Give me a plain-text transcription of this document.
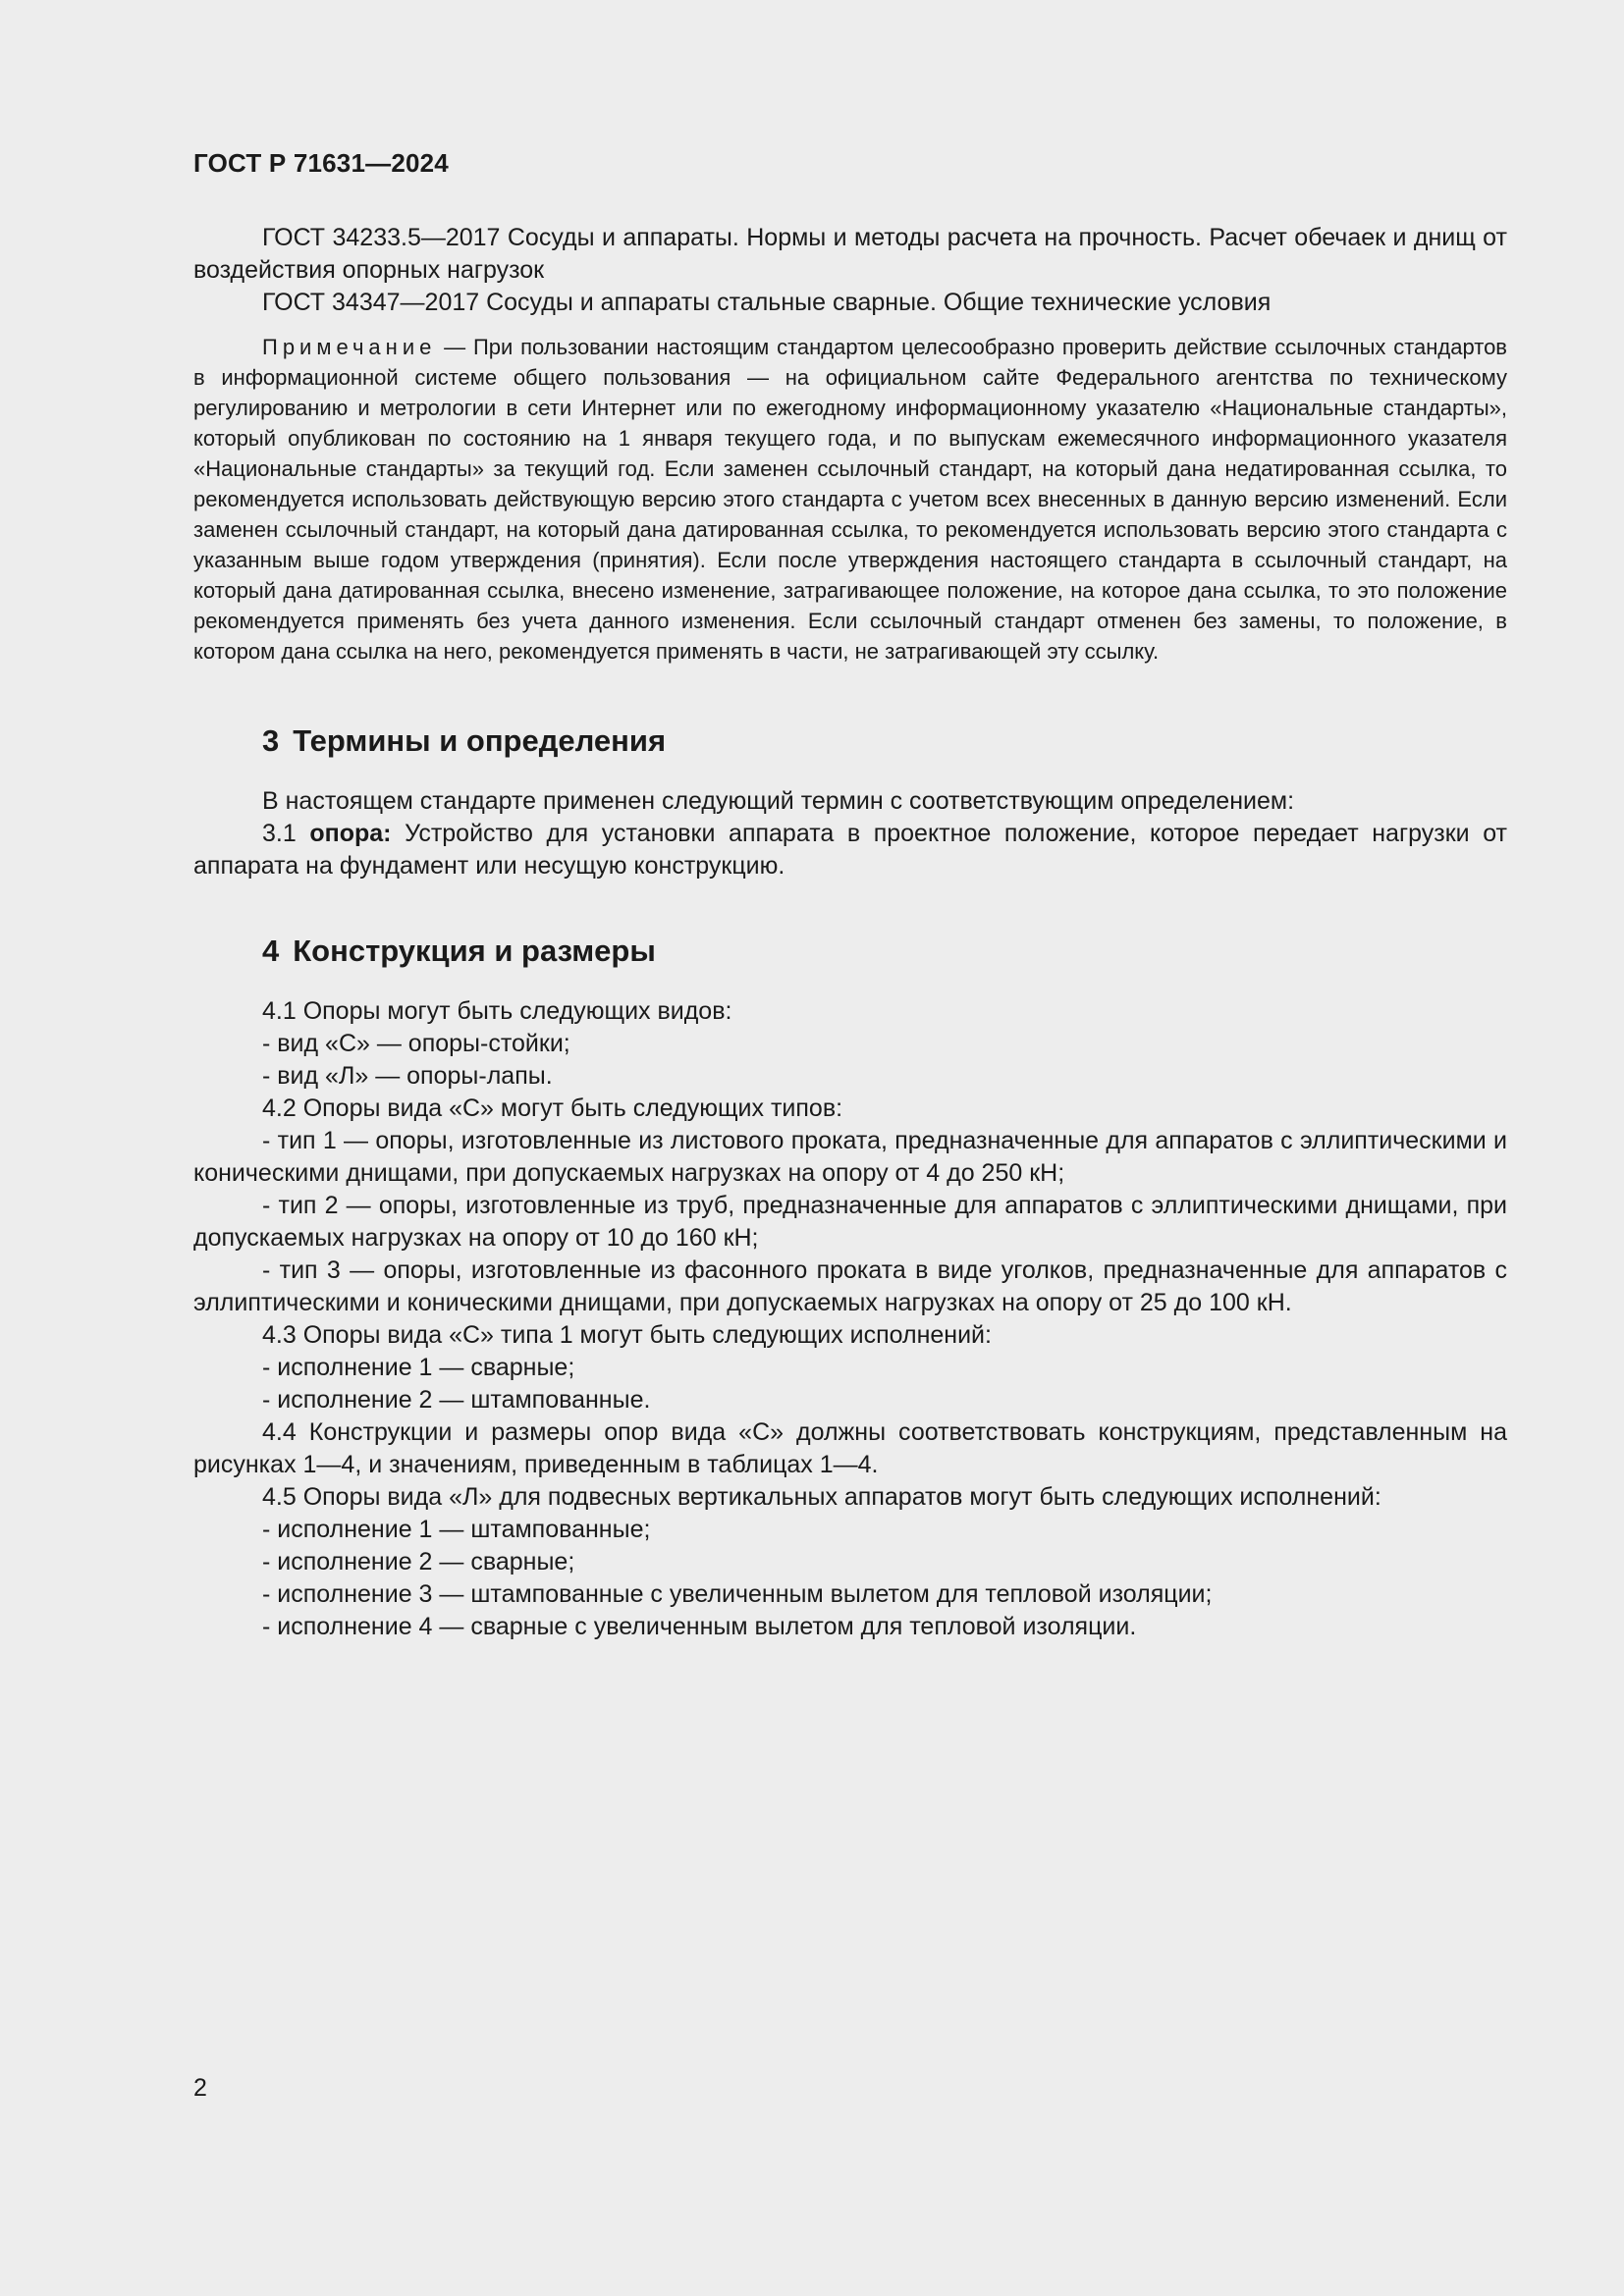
ГОСТ Р 71631—2024

ГОСТ 34233.5—2017 Сосуды и аппараты. Нормы и методы расчета на прочность. Расчет обечаек и днищ от воздействия опорных нагрузок

ГОСТ 34347—2017 Сосуды и аппараты стальные сварные. Общие технические условия

Примечание — При пользовании настоящим стандартом целесообразно проверить действие ссылочных стандартов в информационной системе общего пользования — на официальном сайте Федерального агентства по техническому регулированию и метрологии в сети Интернет или по ежегодному информационному указателю «Национальные стандарты», который опубликован по состоянию на 1 января текущего года, и по выпускам ежемесячного информационного указателя «Национальные стандарты» за текущий год. Если заменен ссылочный стандарт, на который дана недатированная ссылка, то рекомендуется использовать действующую версию этого стандарта с учетом всех внесенных в данную версию изменений. Если заменен ссылочный стандарт, на который дана датированная ссылка, то рекомендуется использовать версию этого стандарта с указанным выше годом утверждения (принятия). Если после утверждения настоящего стандарта в ссылочный стандарт, на который дана датированная ссылка, внесено изменение, затрагивающее положение, на которое дана ссылка, то это положение рекомендуется применять без учета данного изменения. Если ссылочный стандарт отменен без замены, то положение, в котором дана ссылка на него, рекомендуется применять в части, не затрагивающей эту ссылку.

3 Термины и определения

В настоящем стандарте применен следующий термин с соответствующим определением:

3.1 опора: Устройство для установки аппарата в проектное положение, которое передает нагрузки от аппарата на фундамент или несущую конструкцию.

4 Конструкция и размеры

4.1 Опоры могут быть следующих видов:

- вид «С» — опоры-стойки;

- вид «Л» — опоры-лапы.

4.2 Опоры вида «С» могут быть следующих типов:

- тип 1 — опоры, изготовленные из листового проката, предназначенные для аппаратов с эллиптическими и коническими днищами, при допускаемых нагрузках на опору от 4 до 250 кН;

- тип 2 — опоры, изготовленные из труб, предназначенные для аппаратов с эллиптическими днищами, при допускаемых нагрузках на опору от 10 до 160 кН;

- тип 3 — опоры, изготовленные из фасонного проката в виде уголков, предназначенные для аппаратов с эллиптическими и коническими днищами, при допускаемых нагрузках на опору от 25 до 100 кН.

4.3 Опоры вида «С» типа 1 могут быть следующих исполнений:

- исполнение 1 — сварные;

- исполнение 2 — штампованные.

4.4 Конструкции и размеры опор вида «С» должны соответствовать конструкциям, представленным на рисунках 1—4, и значениям, приведенным в таблицах 1—4.

4.5 Опоры вида «Л» для подвесных вертикальных аппаратов могут быть следующих исполнений:

- исполнение 1 — штампованные;

- исполнение 2 — сварные;

- исполнение 3 — штампованные с увеличенным вылетом для тепловой изоляции;

- исполнение 4 — сварные с увеличенным вылетом для тепловой изоляции.

2
